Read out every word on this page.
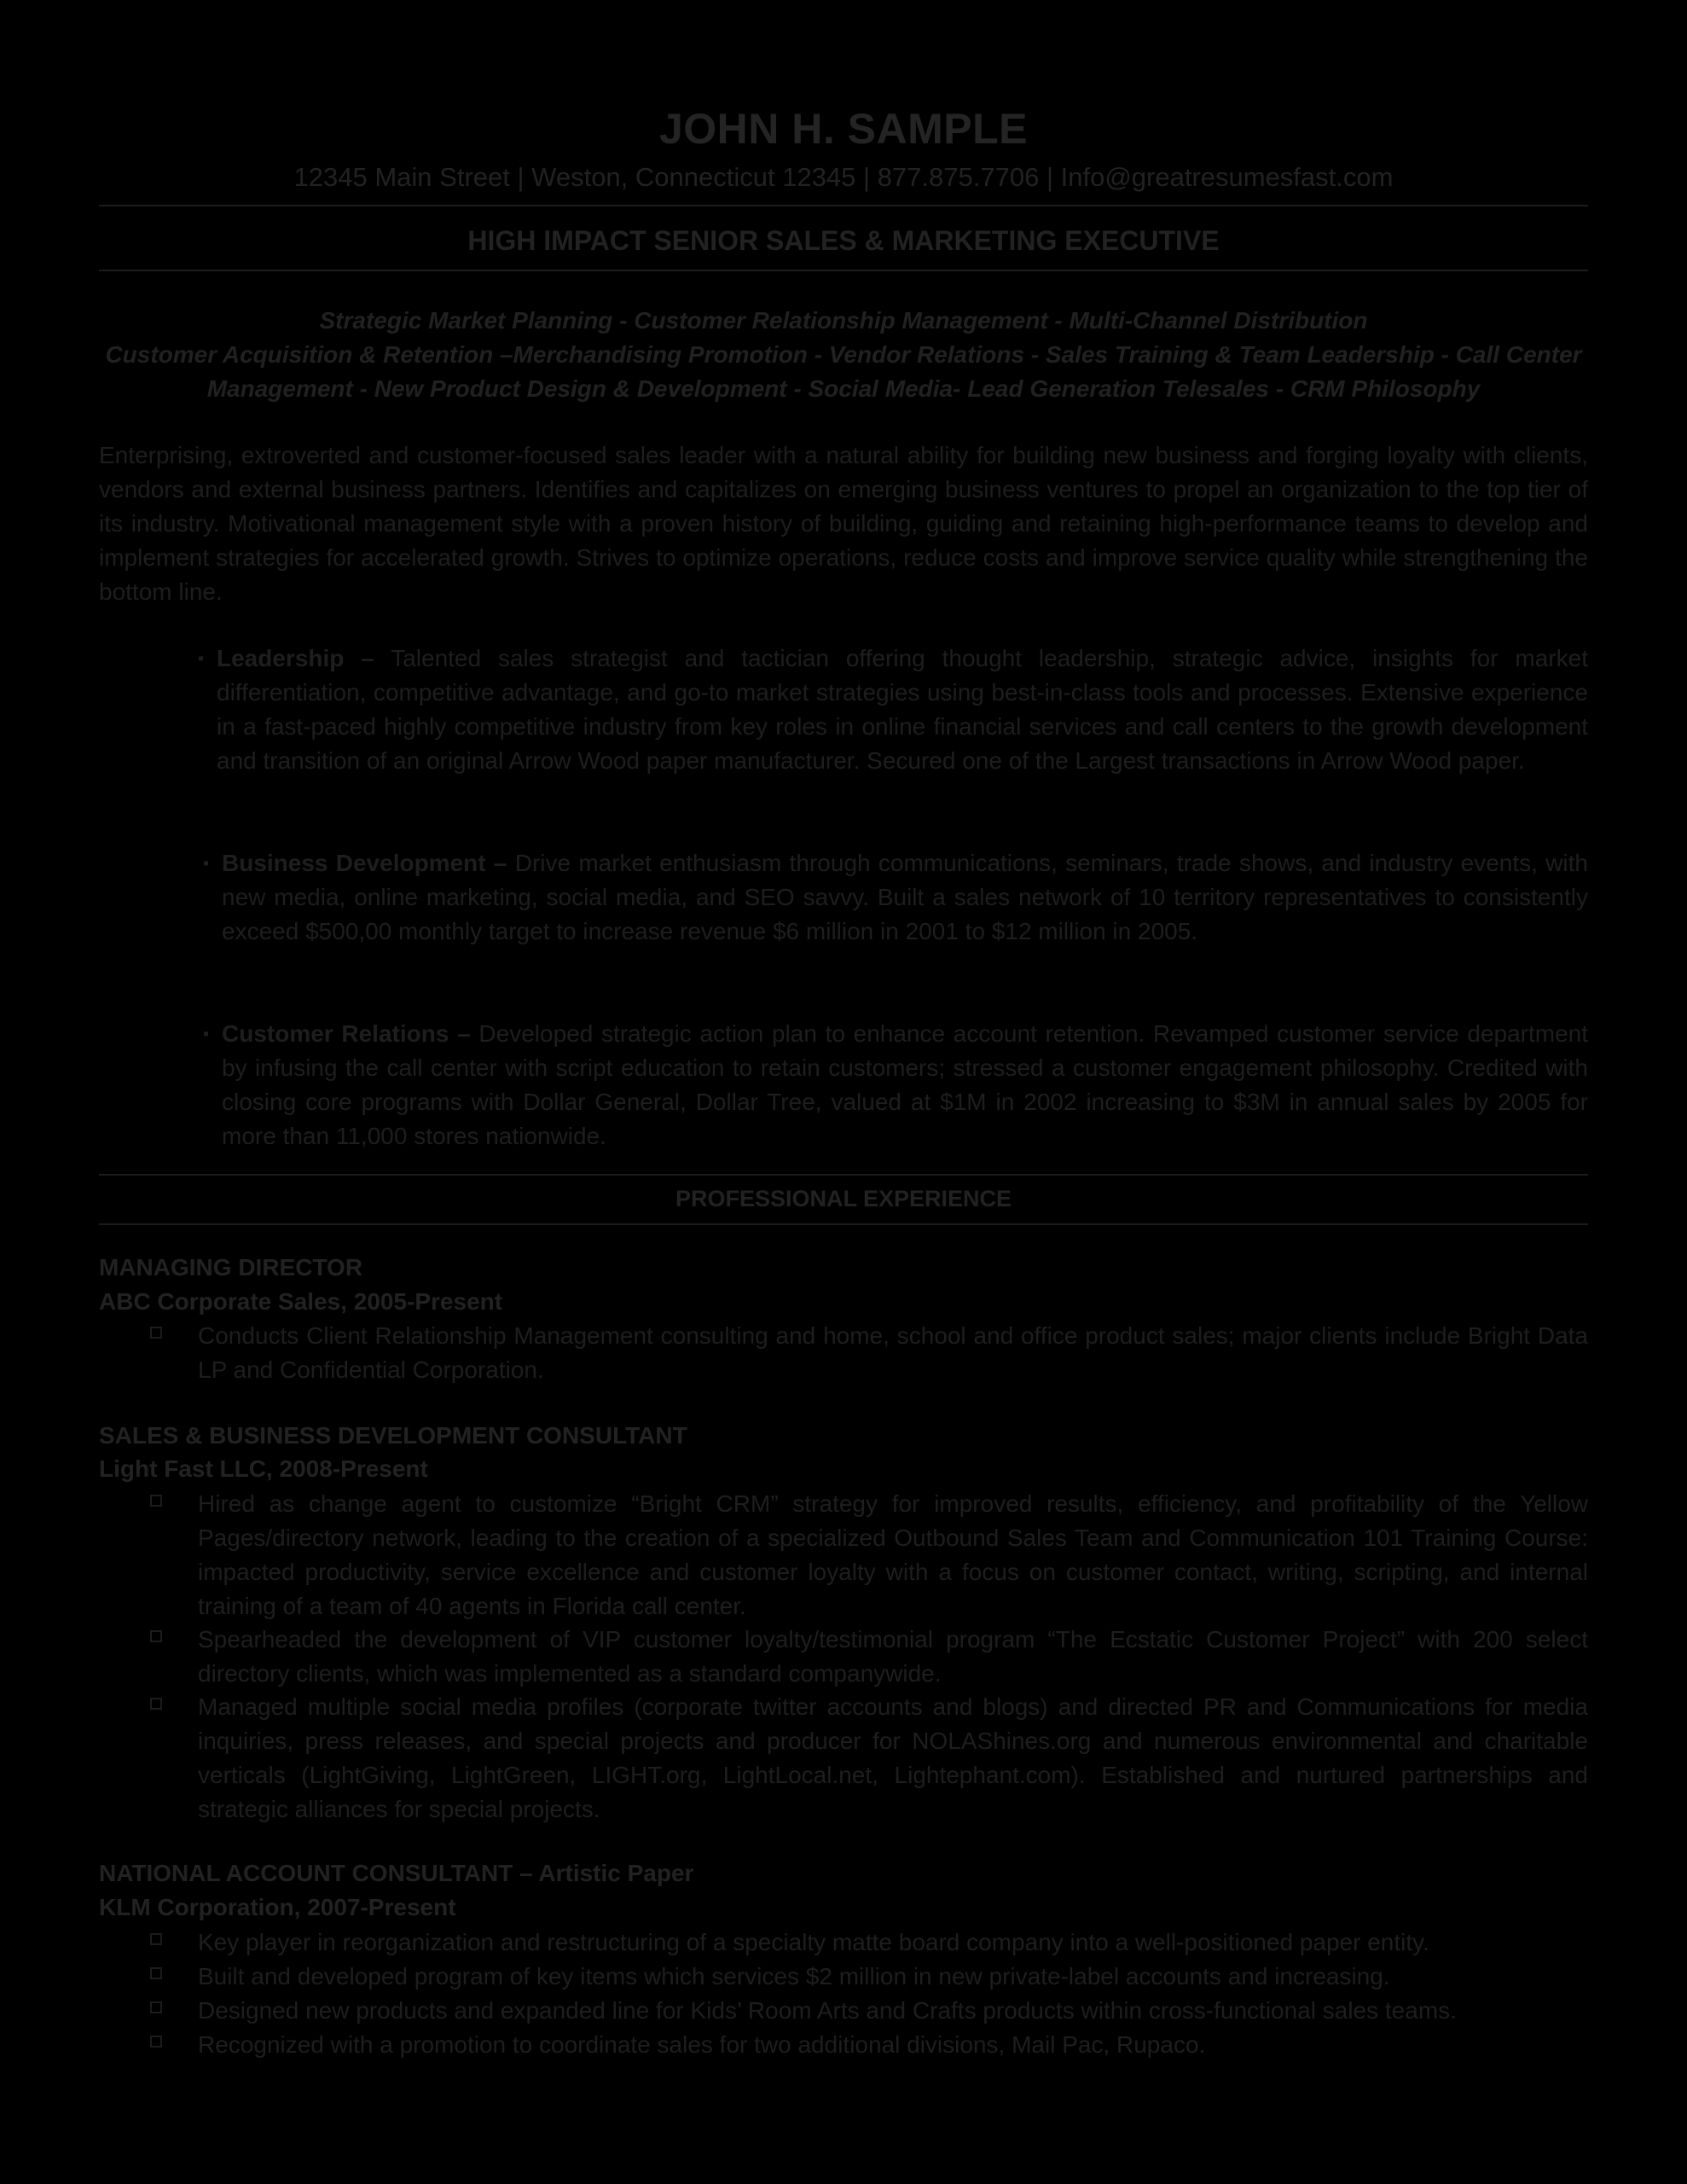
JOHN H. SAMPLE
12345 Main Street | Weston, Connecticut 12345 | 877.875.7706 | Info@greatresumesfast.com
HIGH IMPACT SENIOR SALES & MARKETING EXECUTIVE
Strategic Market Planning - Customer Relationship Management - Multi-Channel Distribution
Customer Acquisition & Retention –Merchandising Promotion - Vendor Relations - Sales Training & Team Leadership - Call Center
Management - New Product Design & Development - Social Media- Lead Generation Telesales - CRM Philosophy
Enterprising, extroverted and customer-focused sales leader with a natural ability for building new business and forging loyalty with clients, vendors and external business partners. Identifies and capitalizes on emerging business ventures to propel an organization to the top tier of its industry. Motivational management style with a proven history of building, guiding and retaining high-performance teams to develop and implement strategies for accelerated growth. Strives to optimize operations, reduce costs and improve service quality while strengthening the bottom line.
▪ Leadership – Talented sales strategist and tactician offering thought leadership, strategic advice, insights for market differentiation, competitive advantage, and go-to market strategies using best-in-class tools and processes. Extensive experience in a fast-paced highly competitive industry from key roles in online financial services and call centers to the growth development and transition of an original Arrow Wood paper manufacturer. Secured one of the Largest transactions in Arrow Wood paper.
▪ Business Development – Drive market enthusiasm through communications, seminars, trade shows, and industry events, with new media, online marketing, social media, and SEO savvy. Built a sales network of 10 territory representatives to consistently exceed $500,00 monthly target to increase revenue $6 million in 2001 to $12 million in 2005.
▪ Customer Relations – Developed strategic action plan to enhance account retention. Revamped customer service department by infusing the call center with script education to retain customers; stressed a customer engagement philosophy. Credited with closing core programs with Dollar General, Dollar Tree, valued at $1M in 2002 increasing to $3M in annual sales by 2005 for more than 11,000 stores nationwide.
PROFESSIONAL EXPERIENCE
MANAGING DIRECTOR
ABC Corporate Sales, 2005-Present
Conducts Client Relationship Management consulting and home, school and office product sales; major clients include Bright Data LP and Confidential Corporation.
SALES & BUSINESS DEVELOPMENT CONSULTANT
Light Fast LLC, 2008-Present
Hired as change agent to customize “Bright CRM” strategy for improved results, efficiency, and profitability of the Yellow Pages/directory network, leading to the creation of a specialized Outbound Sales Team and Communication 101 Training Course: impacted productivity, service excellence and customer loyalty with a focus on customer contact, writing, scripting, and internal training of a team of 40 agents in Florida call center.
Spearheaded the development of VIP customer loyalty/testimonial program “The Ecstatic Customer Project” with 200 select directory clients, which was implemented as a standard companywide.
Managed multiple social media profiles (corporate twitter accounts and blogs) and directed PR and Communications for media inquiries, press releases, and special projects and producer for NOLAShines.org and numerous environmental and charitable verticals (LightGiving, LightGreen, LIGHT.org, LightLocal.net, Lightephant.com). Established and nurtured partnerships and strategic alliances for special projects.
NATIONAL ACCOUNT CONSULTANT – Artistic Paper
KLM Corporation, 2007-Present
Key player in reorganization and restructuring of a specialty matte board company into a well-positioned paper entity.
Built and developed program of key items which services $2 million in new private-label accounts and increasing.
Designed new products and expanded line for Kids’ Room Arts and Crafts products within cross-functional sales teams.
Recognized with a promotion to coordinate sales for two additional divisions, Mail Pac, Rupaco.
